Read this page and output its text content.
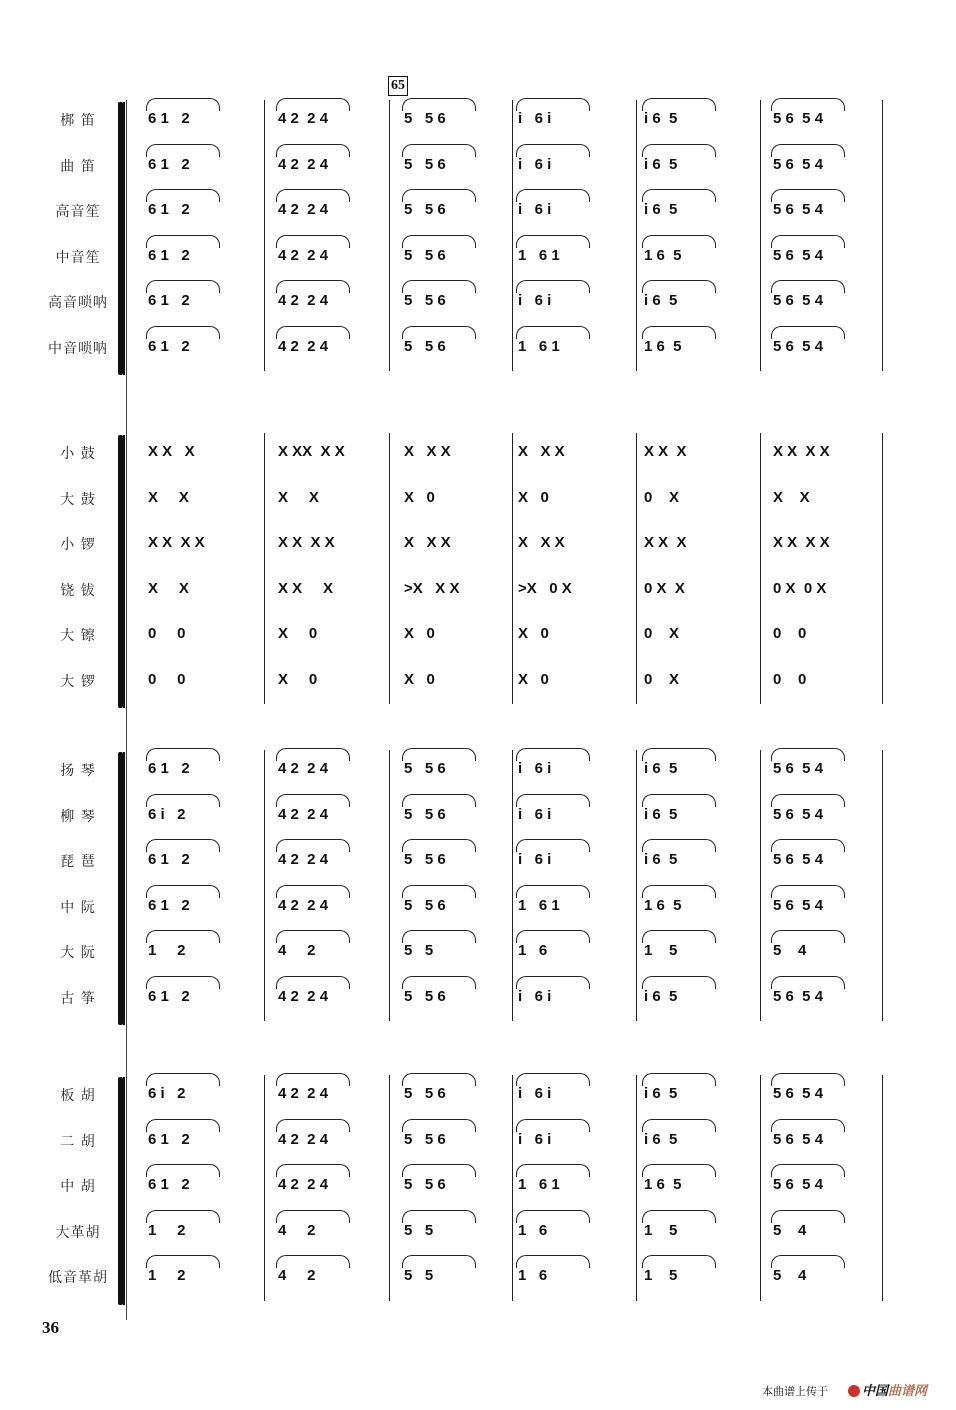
65
梆 笛	6 1   2	4 2  2 4	5   5 6	i   6 i	i 6  5	5 6  5 4
曲 笛	6 1   2	4 2  2 4	5   5 6	i   6 i	i 6  5	5 6  5 4
高音笙	6 1   2	4 2  2 4	5   5 6	i   6 i	i 6  5	5 6  5 4
中音笙	6 1   2	4 2  2 4	5   5 6	1   6 1	1 6  5	5 6  5 4
高音唢呐	6 1   2	4 2  2 4	5   5 6	i   6 i	i 6  5	5 6  5 4
中音唢呐	6 1   2	4 2  2 4	5   5 6	1   6 1	1 6  5	5 6  5 4
小 鼓	X X   X	X XX  X X	X   X X	X   X X	X X  X	X X  X X
大 鼓	X     X	X     X	X   0	X   0	0    X	X    X
小 锣	X X  X X	X X  X X	X   X X	X   X X	X X  X	X X  X X
铙 钹	X     X	X X     X	>X   X X	>X   0 X	0 X  X	0 X  0 X
大 镲	0     0	X     0	X   0	X   0	0    X	0    0
大 锣	0     0	X     0	X   0	X   0	0    X	0    0
扬 琴	6 1   2	4 2  2 4	5   5 6	i   6 i	i 6  5	5 6  5 4
柳 琴	6 i   2	4 2  2 4	5   5 6	i   6 i	i 6  5	5 6  5 4
琵 琶	6 1   2	4 2  2 4	5   5 6	i   6 i	i 6  5	5 6  5 4
中 阮	6 1   2	4 2  2 4	5   5 6	1   6 1	1 6  5	5 6  5 4
大 阮	1     2	4     2	5   5	1   6	1    5	5    4
古 筝	6 1   2	4 2  2 4	5   5 6	i   6 i	i 6  5	5 6  5 4
板 胡	6 i   2	4 2  2 4	5   5 6	i   6 i	i 6  5	5 6  5 4
二 胡	6 1   2	4 2  2 4	5   5 6	i   6 i	i 6  5	5 6  5 4
中 胡	6 1   2	4 2  2 4	5   5 6	1   6 1	1 6  5	5 6  5 4
大革胡	1     2	4     2	5   5	1   6	1    5	5    4
低音革胡	1     2	4     2	5   5	1   6	1    5	5    4
36
本曲谱上传于	中国曲谱网
